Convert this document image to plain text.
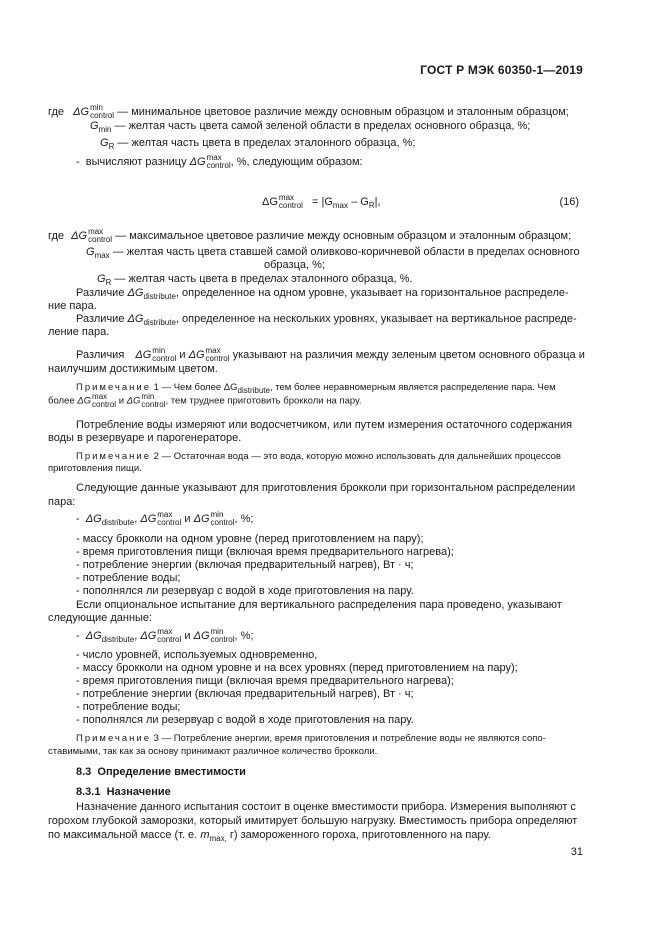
ГОСТ Р МЭК 60350-1—2019
где ΔG min
control — минимальное цветовое различие между основным образцом и эталонным образцом;
$G_{min}$ — желтая часть цвета самой зеленой области в пределах основного образца, %;
$G_R$ — желтая часть цвета в пределах эталонного образца, %;
- вычисляют разницу ΔG max
control , %, следующим образом:
ΔG max
control = $|G_{max} - G_R|$,	(16)
где ΔG max
control — максимальное цветовое различие между основным образцом и эталонным образцом;
$G_{max}$ — желтая часть цвета ставшей самой оливково-коричневой области в пределах основного
образца, %;
$G_R$ — желтая часть цвета в пределах эталонного образца, %.
Различие $\Delta G_{distribute}$, определенное на одном уровне, указывает на горизонтальное распределе-
ние пара.
Различие $\Delta G_{distribute}$, определенное на нескольких уровнях, указывает на вертикальное распреде-
ление пара.
Различия ΔG min
control и ΔG max
control указывают на различия между зеленым цветом основного образца и
наилучшим достижимым цветом.
Примечание 1 — Чем более $\Delta G_{distribute}$, тем более неравномерным является распределение пара. Чем
более ΔG max
control и ΔG min
control , тем труднее приготовить брокколи на пару.
Потребление воды измеряют или водосчетчиком, или путем измерения остаточного содержания
воды в резервуаре и парогенераторе.
Примечание 2 — Остаточная вода — это вода, которую можно использовать для дальнейших процессов
приготовления пищи.
Следующие данные указывают для приготовления брокколи при горизонтальном распределении
пара:
- $\Delta G_{distribute}$, ΔG max
control и ΔG min
control , %;
- массу брокколи на одном уровне (перед приготовлением на пару);
- время приготовления пищи (включая время предварительного нагрева);
- потребление энергии (включая предварительный нагрев), Вт · ч;
- потребление воды;
- пополнялся ли резервуар с водой в ходе приготовления на пару.
Если опциональное испытание для вертикального распределения пара проведено, указывают
следующие данные:
- $\Delta G_{distribute}$, ΔG max
control и ΔG min
control , %;
- число уровней, используемых одновременно,
- массу брокколи на одном уровне и на всех уровнях (перед приготовлением на пару);
- время приготовления пищи (включая время предварительного нагрева);
- потребление энергии (включая предварительный нагрев), Вт · ч;
- потребление воды;
- пополнялся ли резервуар с водой в ходе приготовления на пару.
Примечание 3 — Потребление энергии, время приготовления и потребление воды не являются сопо-
ставимыми, так как за основу принимают различное количество брокколи.
8.3 Определение вместимости
8.3.1 Назначение
Назначение данного испытания состоит в оценке вместимости прибора. Измерения выполняют с
горохом глубокой заморозки, который имитирует большую нагрузку. Вместимость прибора определяют
по максимальной массе (т. е. $m_{max,}$ г) замороженного гороха, приготовленного на пару.
31
